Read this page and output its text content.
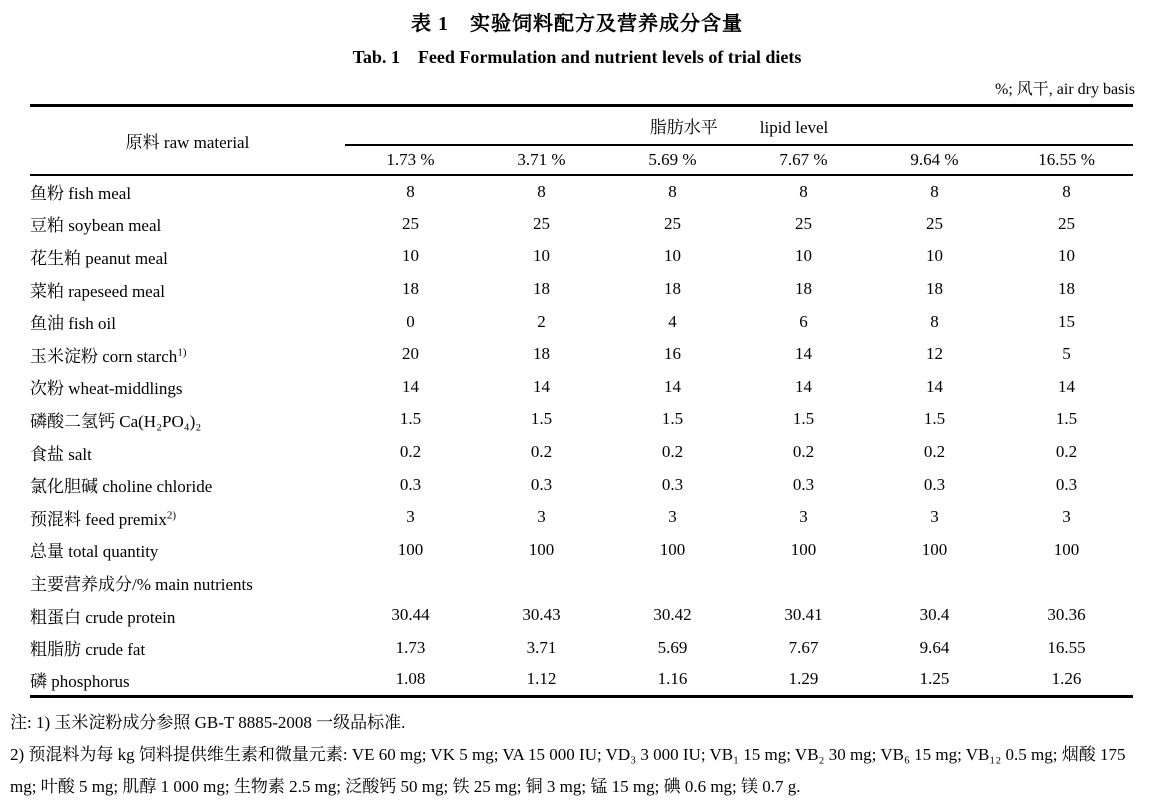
表 1　实验饲料配方及营养成分含量
Tab. 1　Feed Formulation and nutrient levels of trial diets
%; 风干, air dry basis
原料 raw material	脂肪水平 lipid level					
	1.73 %	3.71 %	5.69 %	7.67 %	9.64 %	16.55 %
鱼粉 fish meal	8	8	8	8	8	8
豆粕 soybean meal	25	25	25	25	25	25
花生粕 peanut meal	10	10	10	10	10	10
菜粕 rapeseed meal	18	18	18	18	18	18
鱼油 fish oil	0	2	4	6	8	15
玉米淀粉 corn starch$^{1)}$	20	18	16	14	12	5
次粉 wheat-middlings	14	14	14	14	14	14
磷酸二氢钙 Ca(H₂PO₄)₂	1.5	1.5	1.5	1.5	1.5	1.5
食盐 salt	0.2	0.2	0.2	0.2	0.2	0.2
氯化胆碱 choline chloride	0.3	0.3	0.3	0.3	0.3	0.3
预混料 feed premix$^{2)}$	3	3	3	3	3	3
总量 total quantity	100	100	100	100	100	100
主要营养成分/% main nutrients						
粗蛋白 crude protein	30.44	30.43	30.42	30.41	30.4	30.36
粗脂肪 crude fat	1.73	3.71	5.69	7.67	9.64	16.55
磷 phosphorus	1.08	1.12	1.16	1.29	1.25	1.26

注: 1) 玉米淀粉成分参照 GB-T 8885-2008 一级品标准.

2) 预混料为每 kg 饲料提供维生素和微量元素: VE 60 mg; VK 5 mg; VA 15 000 IU; VD₃ 3 000 IU; VB₁ 15 mg; VB₂ 30 mg; VB₆ 15 mg; VB₁₂ 0.5 mg; 烟酸 175 mg; 叶酸 5 mg; 肌醇 1 000 mg; 生物素 2.5 mg; 泛酸钙 50 mg; 铁 25 mg; 铜 3 mg; 锰 15 mg; 碘 0.6 mg; 镁 0.7 g.
